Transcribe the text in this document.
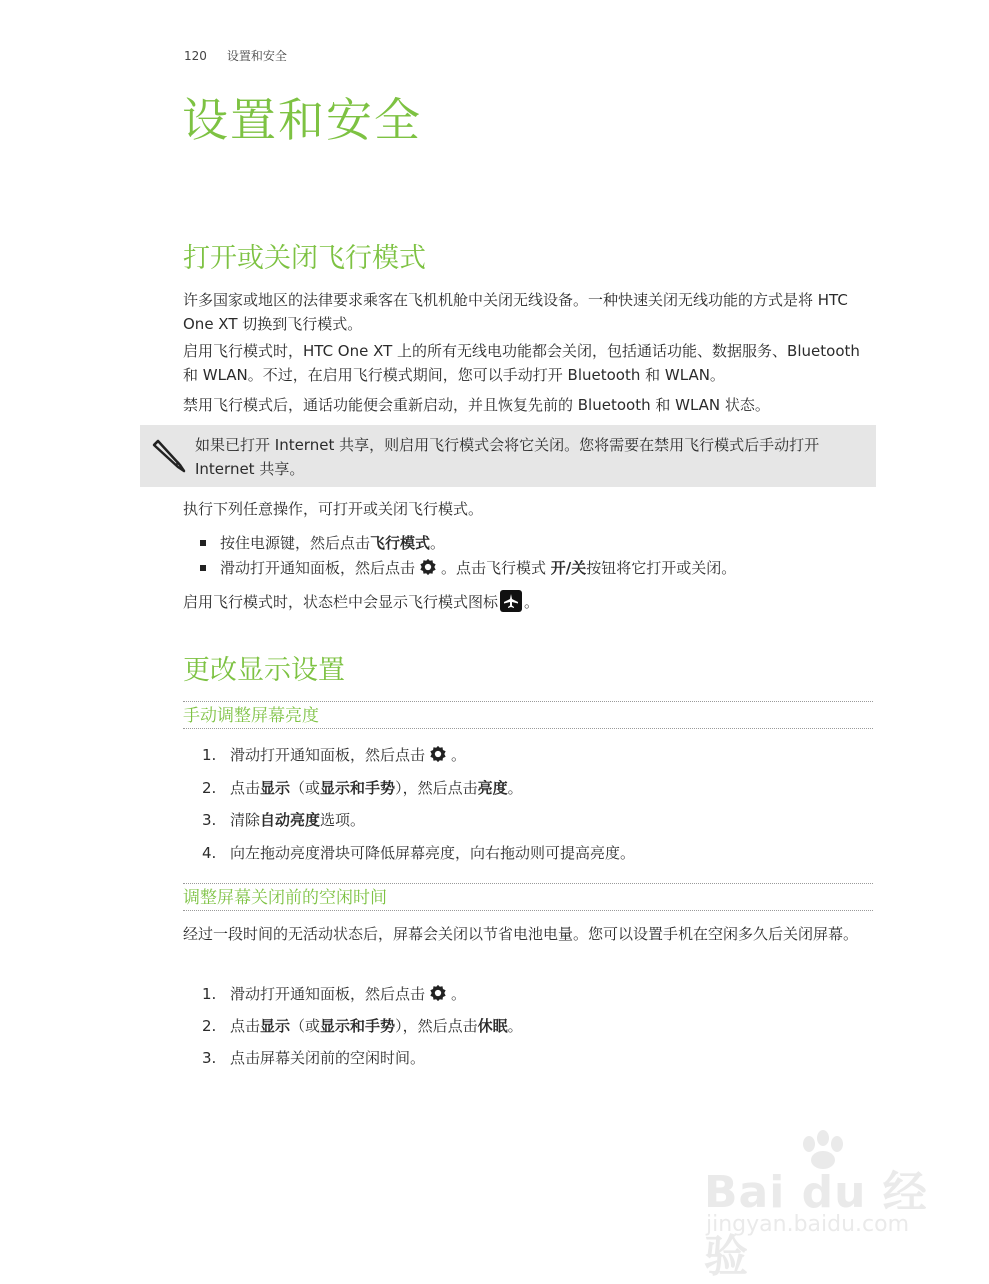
120 设置和安全
设置和安全
打开或关闭飞行模式

许多国家或地区的法律要求乘客在飞机机舱中关闭无线设备。一种快速关闭无线功能的方式是将 HTC One XT 切换到飞行模式。

启用飞行模式时，HTC One XT 上的所有无线电功能都会关闭，包括通话功能、数据服务、Bluetooth 和 WLAN。不过，在启用飞行模式期间，您可以手动打开 Bluetooth 和 WLAN。

禁用飞行模式后，通话功能便会重新启动，并且恢复先前的 Bluetooth 和 WLAN 状态。

如果已打开 Internet 共享，则启用飞行模式会将它关闭。您将需要在禁用飞行模式后手动打开 Internet 共享。

执行下列任意操作，可打开或关闭飞行模式。

按住电源键，然后点击飞行模式。
滑动打开通知面板，然后点击 。点击飞行模式 开/关按钮将它打开或关闭。

启用飞行模式时，状态栏中会显示飞行模式图标 。

更改显示设置
手动调整屏幕亮度
1. 滑动打开通知面板，然后点击 。
2. 点击显示（或显示和手势），然后点击亮度。
3. 清除自动亮度选项。
4. 向左拖动亮度滑块可降低屏幕亮度，向右拖动则可提高亮度。
调整屏幕关闭前的空闲时间

经过一段时间的无活动状态后，屏幕会关闭以节省电池电量。您可以设置手机在空闲多久后关闭屏幕。

1. 滑动打开通知面板，然后点击 。
2. 点击显示（或显示和手势），然后点击休眠。
3. 点击屏幕关闭前的空闲时间。
Bai du 经验
jingyan.baidu.com
